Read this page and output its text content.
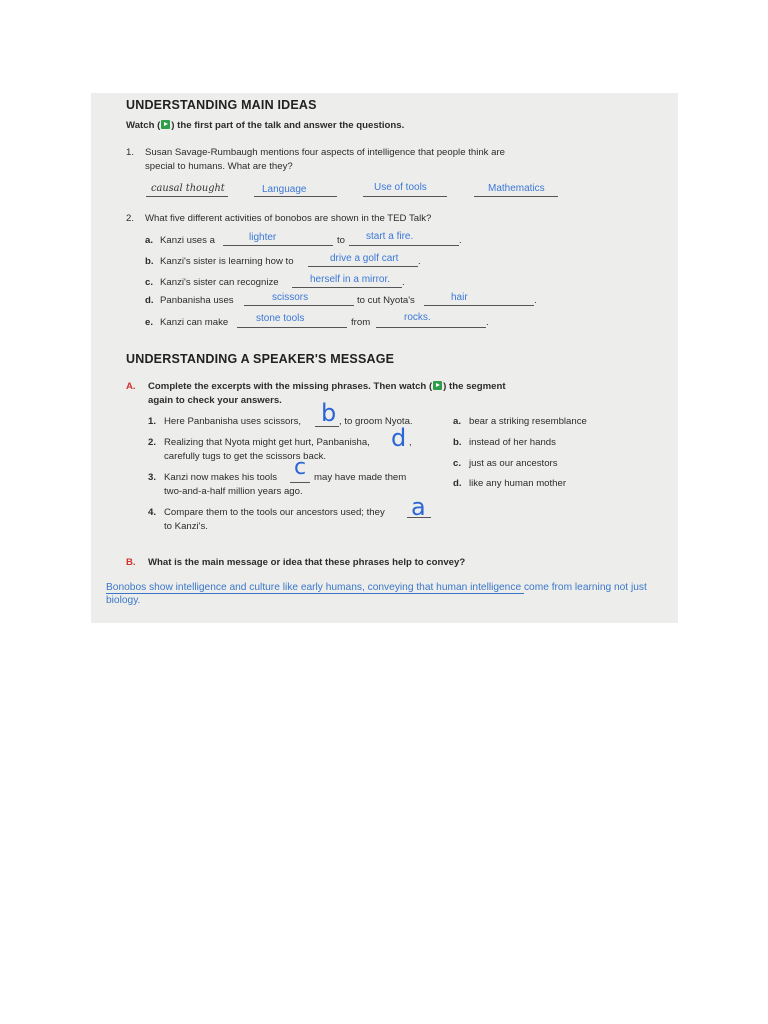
UNDERSTANDING MAIN IDEAS
Watch ( ) the first part of the talk and answer the questions.
1. Susan Savage-Rumbaugh mentions four aspects of intelligence that people think are
special to humans. What are they?
causal thought	Language	Use of tools	Mathematics
2. What five different activities of bonobos are shown in the TED Talk?
a. Kanzi uses a	lighter	to start a fire.	.
b. Kanzi's sister is learning how to	drive a golf cart .
c. Kanzi's sister can recognize	herself in a mirror. .
d. Panbanisha uses	scissors	to cut Nyota's	hair	.
e. Kanzi can make	stone tools	from	rocks.	.
UNDERSTANDING A SPEAKER'S MESSAGE
A. Complete the excerpts with the missing phrases. Then watch ( ) the segment
again to check your answers.
1. Here Panbanisha uses scissors, b , to groom Nyota.
2. Realizing that Nyota might get hurt, Panbanisha, d ,
carefully tugs to get the scissors back.
3. Kanzi now makes his tools c may have made them
two-and-a-half million years ago.
4. Compare them to the tools our ancestors used; they a
to Kanzi's.
a. bear a striking resemblance
b. instead of her hands
c. just as our ancestors
d. like any human mother
B. What is the main message or idea that these phrases help to convey?
Bonobos show intelligence and culture like early humans, conveying that human intelligence come from learning not just biology.
